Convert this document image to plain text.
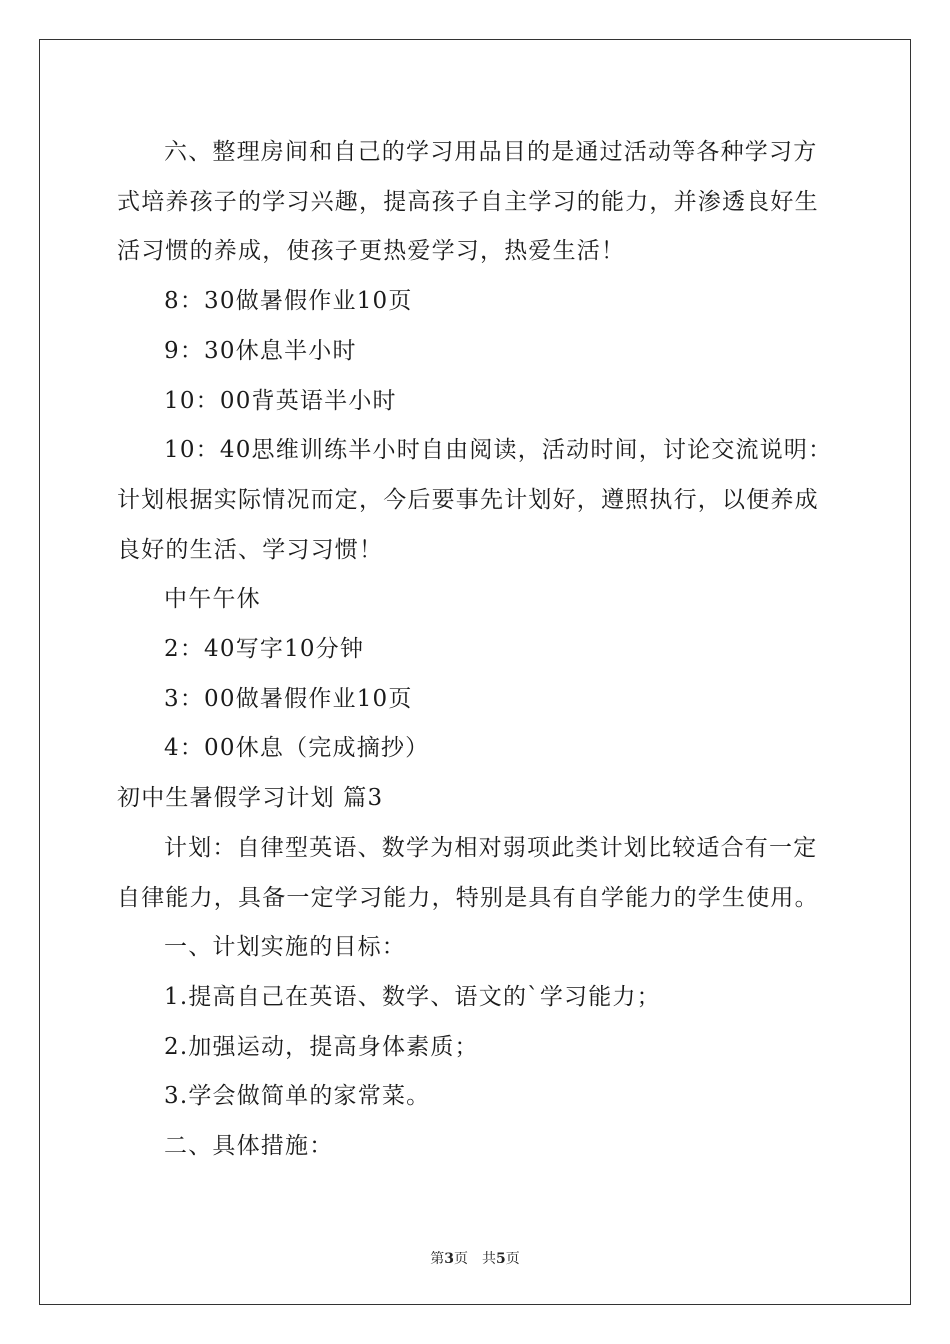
六、整理房间和自己的学习用品目的是通过活动等各种学习方式培养孩子的学习兴趣，提高孩子自主学习的能力，并渗透良好生活习惯的养成，使孩子更热爱学习，热爱生活！

8：30做暑假作业10页

9：30休息半小时

10：00背英语半小时

10：40思维训练半小时自由阅读，活动时间，讨论交流说明：计划根据实际情况而定，今后要事先计划好，遵照执行，以便养成良好的生活、学习习惯！

中午午休

2：40写字10分钟

3：00做暑假作业10页

4：00休息（完成摘抄）

初中生暑假学习计划 篇3

计划：自律型英语、数学为相对弱项此类计划比较适合有一定自律能力，具备一定学习能力，特别是具有自学能力的学生使用。

一、计划实施的目标：

1.提高自己在英语、数学、语文的`学习能力；

2.加强运动，提高身体素质；

3.学会做简单的家常菜。

二、具体措施：

第3页 共5页
